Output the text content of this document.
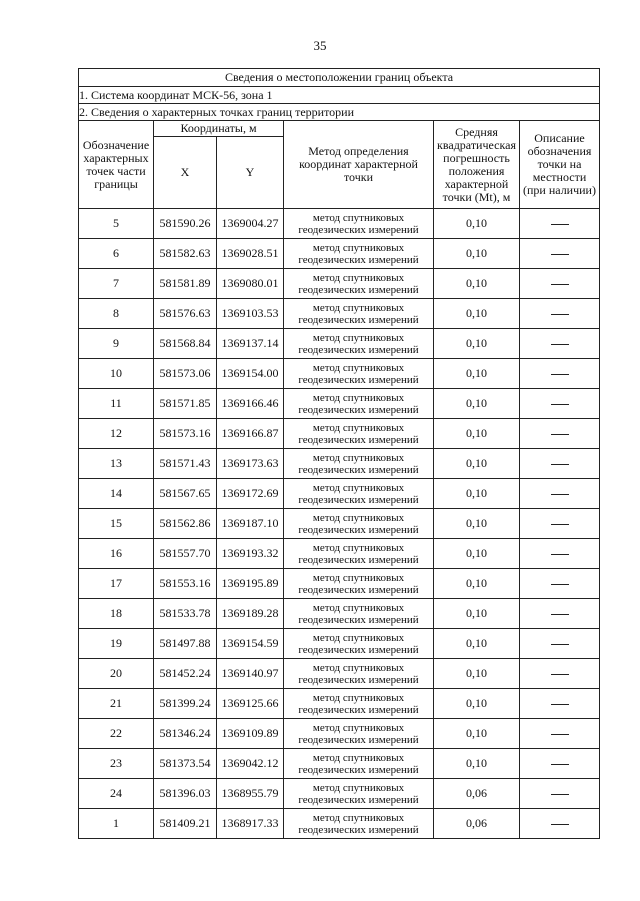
35
Сведения о местоположении границ объекта					
1. Система координат МСК-56, зона 1					
2. Сведения о характерных точках границ территории					
Обозначение характерных точек части границы	Координаты, м		Метод определения координат характерной точки	Средняя квадратическая погрешность положения характерной точки (Mt), м	Описание обозначения точки на местности (при наличии)
	X	Y			
5	581590.26	1369004.27	метод спутниковых геодезических измерений	0,10	
6	581582.63	1369028.51	метод спутниковых геодезических измерений	0,10	
7	581581.89	1369080.01	метод спутниковых геодезических измерений	0,10	
8	581576.63	1369103.53	метод спутниковых геодезических измерений	0,10	
9	581568.84	1369137.14	метод спутниковых геодезических измерений	0,10	
10	581573.06	1369154.00	метод спутниковых геодезических измерений	0,10	
11	581571.85	1369166.46	метод спутниковых геодезических измерений	0,10	
12	581573.16	1369166.87	метод спутниковых геодезических измерений	0,10	
13	581571.43	1369173.63	метод спутниковых геодезических измерений	0,10	
14	581567.65	1369172.69	метод спутниковых геодезических измерений	0,10	
15	581562.86	1369187.10	метод спутниковых геодезических измерений	0,10	
16	581557.70	1369193.32	метод спутниковых геодезических измерений	0,10	
17	581553.16	1369195.89	метод спутниковых геодезических измерений	0,10	
18	581533.78	1369189.28	метод спутниковых геодезических измерений	0,10	
19	581497.88	1369154.59	метод спутниковых геодезических измерений	0,10	
20	581452.24	1369140.97	метод спутниковых геодезических измерений	0,10	
21	581399.24	1369125.66	метод спутниковых геодезических измерений	0,10	
22	581346.24	1369109.89	метод спутниковых геодезических измерений	0,10	
23	581373.54	1369042.12	метод спутниковых геодезических измерений	0,10	
24	581396.03	1368955.79	метод спутниковых геодезических измерений	0,06	
1	581409.21	1368917.33	метод спутниковых геодезических измерений	0,06	
